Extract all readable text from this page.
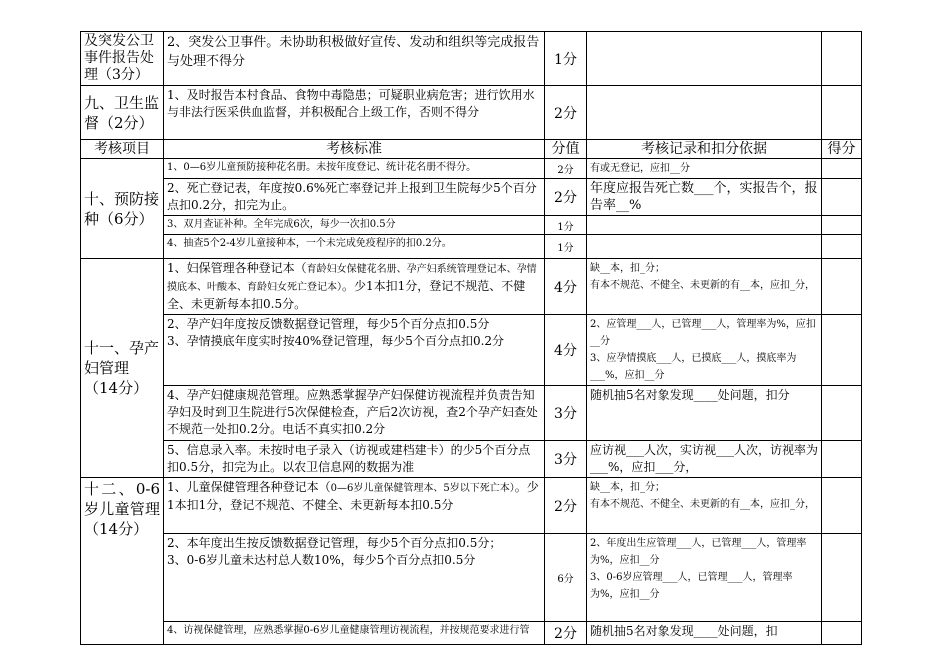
及突发公卫事件报告处理（3分）	2、突发公卫事件。未协助积极做好宣传、发动和组织等完成报告与处理不得分	1分		
九、卫生监督（2分）	1、及时报告本村食品、食物中毒隐患；可疑职业病危害；进行饮用水与非法行医采供血监督，并积极配合上级工作，否则不得分	2分		
考核项目	考核标准	分值	考核记录和扣分依据	得分
十、预防接种（6分）	1、0—6岁儿童预防接种花名册。未按年度登记、统计花名册不得分。	2分	有或无登记，应扣__分	
	2、死亡登记表，年度按0.6%死亡率登记并上报到卫生院每少5个百分点扣0.2分，扣完为止。	2分	年度应报告死亡数___个，实报告个，报告率__%	
	3、双月查证补种。全年完成6次，每少一次扣0.5分	1分		
	4、抽查5个2-4岁儿童接种本，一个未完成免疫程序的扣0.2分。	1分		
十一、孕产妇管理（14分）	1、妇保管理各种登记本（育龄妇女保健花名册、孕产妇系统管理登记本、孕情摸底本、叶酸本、育龄妇女死亡登记本）。少1本扣1分，登记不规范、不健全、未更新每本扣0.5分。	4分	缺__本，扣_分；
有本不规范、不健全、未更新的有__本，应扣_分，	

	2、孕产妇年度按反馈数据登记管理，每少5个百分点扣0.5分
3、孕情摸底年度实时按40%登记管理，每少5个百分点扣0.2分	4分	2、应管理___人，已管理___人，管理率为%，应扣__分
3、应孕情摸底___人，已摸底___人，摸底率为___%，应扣__分	

	4、孕产妇健康规范管理。应熟悉掌握孕产妇保健访视流程并负责告知孕妇及时到卫生院进行5次保健检查，产后2次访视，查2个孕产妇查处不规范一处扣0.2分。电话不真实扣0.2分	3分	随机抽5名对象发现____处问题，扣分	
	5、信息录入率。未按时电子录入（访视或建档建卡）的少5个百分点扣0.5分，扣完为止。以农卫信息网的数据为准	3分	应访视___人次，实访视___人次，访视率为___%，应扣___分，	
十二、0-6岁儿童管理（14分）	1、儿童保健管理各种登记本（0—6岁儿童保健管理本、5岁以下死亡本）。少1本扣1分，登记不规范、不健全、未更新每本扣0.5分	2分	缺__本，扣_分；
有本不规范、不健全、未更新的有__本，应扣_分，	

	2、本年度出生按反馈数据登记管理，每少5个百分点扣0.5分；
3、0-6岁儿童未达村总人数10%，每少5个百分点扣0.5分	6分	2、年度出生应管理___人，已管理___人，管理率为%，应扣__分
3、0-6岁应管理___人，已管理___人，管理率为%，应扣__分	

	4、访视保健管理，应熟悉掌握0-6岁儿童健康管理访视流程，并按规范要求进行管	2分	随机抽5名对象发现____处问题，扣	
